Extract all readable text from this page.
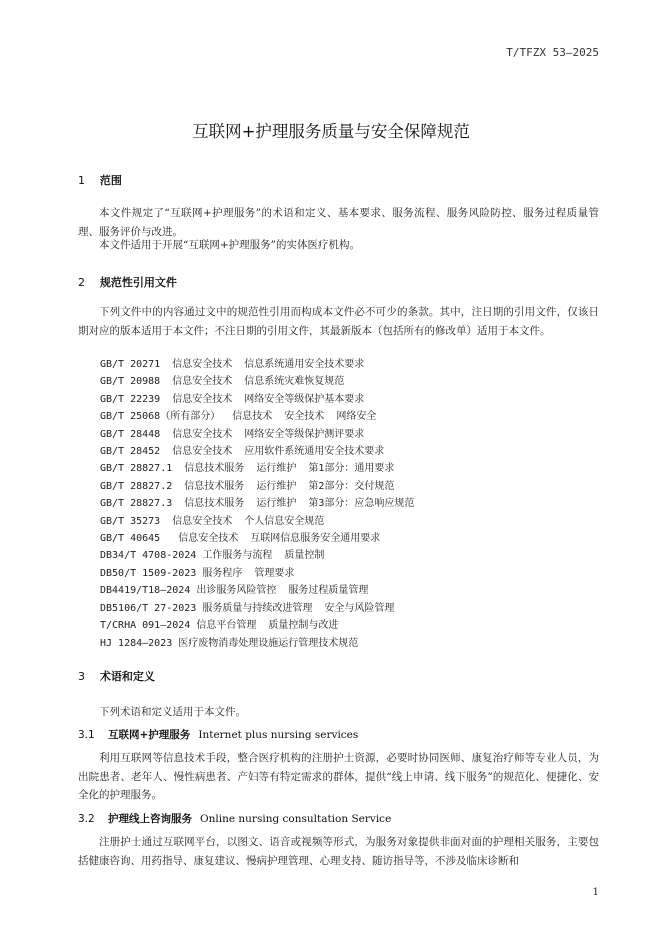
T/TFZX 53—2025
互联网+护理服务质量与安全保障规范
1 范围
本文件规定了“互联网+护理服务”的术语和定义、基本要求、服务流程、服务风险防控、服务过程质量管理、服务评价与改进。
本文件适用于开展“互联网+护理服务”的实体医疗机构。
2 规范性引用文件
下列文件中的内容通过文中的规范性引用而构成本文件必不可少的条款。其中，注日期的引用文件，仅该日期对应的版本适用于本文件；不注日期的引用文件，其最新版本（包括所有的修改单）适用于本文件。
GB/T 20271  信息安全技术  信息系统通用安全技术要求
GB/T 20988  信息安全技术  信息系统灾难恢复规范
GB/T 22239  信息安全技术  网络安全等级保护基本要求
GB/T 25068（所有部分）  信息技术  安全技术  网络安全
GB/T 28448  信息安全技术  网络安全等级保护测评要求
GB/T 28452  信息安全技术  应用软件系统通用安全技术要求
GB/T 28827.1  信息技术服务  运行维护  第1部分：通用要求
GB/T 28827.2  信息技术服务  运行维护  第2部分：交付规范
GB/T 28827.3  信息技术服务  运行维护  第3部分：应急响应规范
GB/T 35273  信息安全技术  个人信息安全规范
GB/T 40645   信息安全技术  互联网信息服务安全通用要求
DB34/T 4708-2024 工作服务与流程  质量控制
DB50/T 1509-2023 服务程序  管理要求
DB4419/T18—2024 出诊服务风险管控  服务过程质量管理
DB5106/T 27-2023 服务质量与持续改进管理  安全与风险管理
T/CRHA 091—2024 信息平台管理  质量控制与改进
HJ 1284—2023 医疗废物消毒处理设施运行管理技术规范
3 术语和定义
下列术语和定义适用于本文件。
3.1 互联网+护理服务 Internet plus nursing services
利用互联网等信息技术手段，整合医疗机构的注册护士资源，必要时协同医师、康复治疗师等专业人员，为出院患者、老年人、慢性病患者、产妇等有特定需求的群体，提供“线上申请、线下服务”的规范化、便捷化、安全化的护理服务。
3.2 护理线上咨询服务 Online nursing consultation Service
注册护士通过互联网平台，以图文、语音或视频等形式，为服务对象提供非面对面的护理相关服务，主要包括健康咨询、用药指导、康复建议、慢病护理管理、心理支持、随访指导等，不涉及临床诊断和
1
